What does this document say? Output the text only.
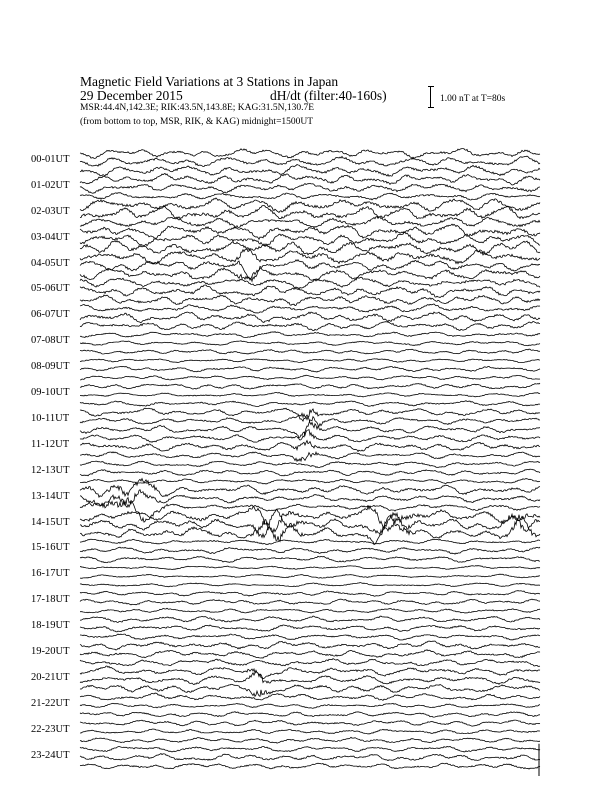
Magnetic Field Variations at 3 Stations in Japan
29 December 2015	dH/dt (filter:40-160s)
MSR:44.4N,142.3E; RIK:43.5N,143.8E; KAG:31.5N,130.7E
(from bottom to top, MSR, RIK, & KAG) midnight=1500UT
1.00 nT at T=80s
00-01UT
01-02UT
02-03UT
03-04UT
04-05UT
05-06UT
06-07UT
07-08UT
08-09UT
09-10UT
10-11UT
11-12UT
12-13UT
13-14UT
14-15UT
15-16UT
16-17UT
17-18UT
18-19UT
19-20UT
20-21UT
21-22UT
22-23UT
23-24UT
